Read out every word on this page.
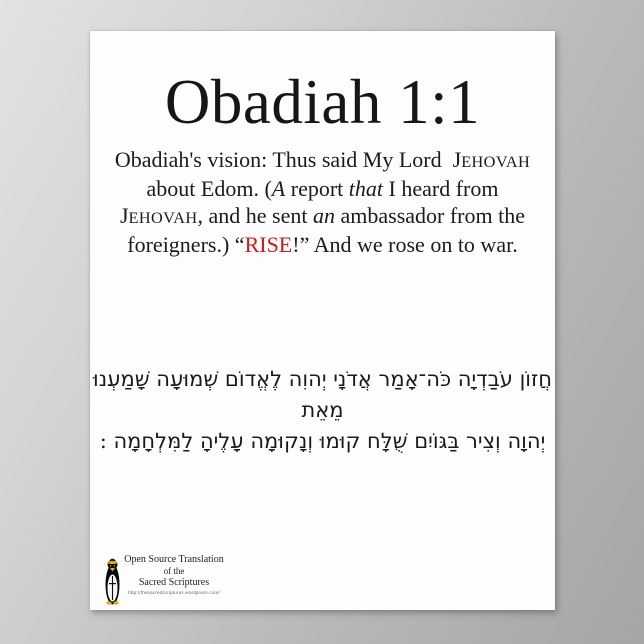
Obadiah 1:1
Obadiah's vision: Thus said My Lord  JEHOVAH
about Edom. (A report that I heard from
JEHOVAH, and he sent an ambassador from the
foreigners.) “RISE!” And we rose on to war.
חֲזוֹן עֹבַדְיָה כֹּה־אָמַר אֲדֹנָי יְהוִה לֶאֱדוֹם שְׁמוּעָה שָׁמַעְנוּ מֵאֵת
יְהוָה וְצִיר בַּגּוֹיִם שֻׁלָּח קוּמוּ וְנָקוּמָה עָלֶיהָ לַמִּלְחָמָה :
Open Source Translation
of the
Sacred Scriptures
http://thesacredscriptures.wordpress.com/
